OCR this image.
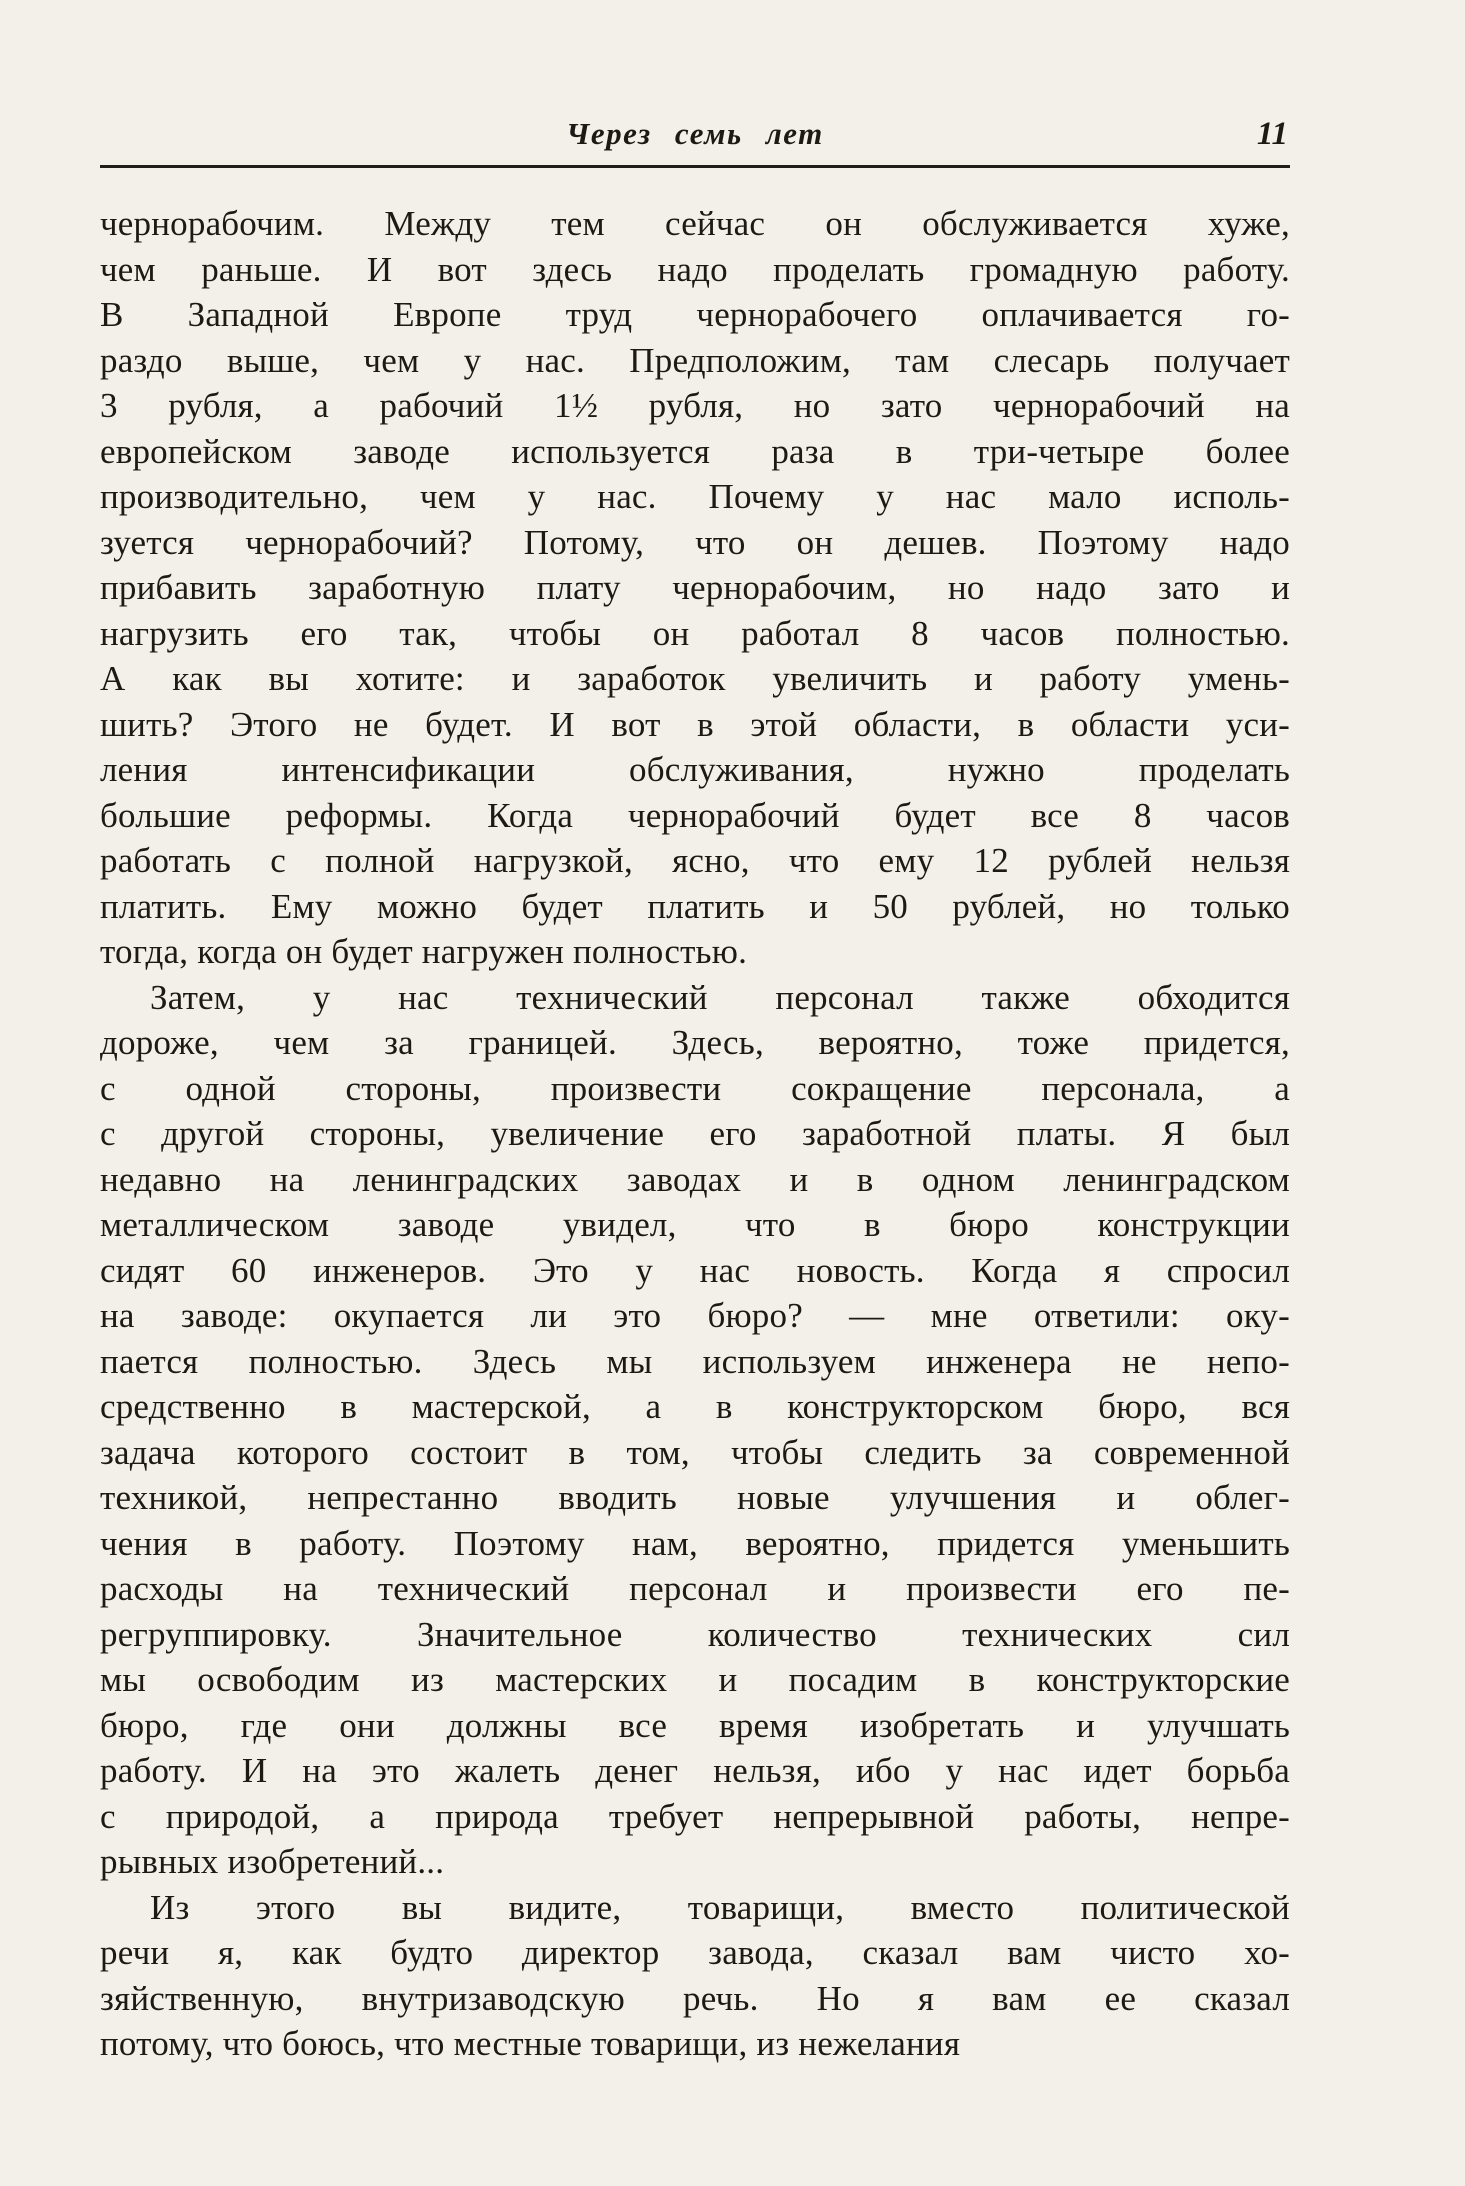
Через семь лет	11
чернорабочим. Между тем сейчас он обслуживается хуже,
чем раньше. И вот здесь надо проделать громадную работу.
В Западной Европе труд чернорабочего оплачивается го-
раздо выше, чем у нас. Предположим, там слесарь получает
3 рубля, а рабочий 1½ рубля, но зато чернорабочий на
европейском заводе используется раза в три-четыре более
производительно, чем у нас. Почему у нас мало исполь-
зуется чернорабочий? Потому, что он дешев. Поэтому надо
прибавить заработную плату чернорабочим, но надо зато и
нагрузить его так, чтобы он работал 8 часов полностью.
А как вы хотите: и заработок увеличить и работу умень-
шить? Этого не будет. И вот в этой области, в области уси-
ления интенсификации обслуживания, нужно проделать
большие реформы. Когда чернорабочий будет все 8 часов
работать с полной нагрузкой, ясно, что ему 12 рублей нельзя
платить. Ему можно будет платить и 50 рублей, но только
тогда, когда он будет нагружен полностью.
Затем, у нас технический персонал также обходится
дороже, чем за границей. Здесь, вероятно, тоже придется,
с одной стороны, произвести сокращение персонала, а
с другой стороны, увеличение его заработной платы. Я был
недавно на ленинградских заводах и в одном ленинградском
металлическом заводе увидел, что в бюро конструкции
сидят 60 инженеров. Это у нас новость. Когда я спросил
на заводе: окупается ли это бюро? — мне ответили: оку-
пается полностью. Здесь мы используем инженера не непо-
средственно в мастерской, а в конструкторском бюро, вся
задача которого состоит в том, чтобы следить за современной
техникой, непрестанно вводить новые улучшения и облег-
чения в работу. Поэтому нам, вероятно, придется уменьшить
расходы на технический персонал и произвести его пе-
регруппировку. Значительное количество технических сил
мы освободим из мастерских и посадим в конструкторские
бюро, где они должны все время изобретать и улучшать
работу. И на это жалеть денег нельзя, ибо у нас идет борьба
с природой, а природа требует непрерывной работы, непре-
рывных изобретений...
Из этого вы видите, товарищи, вместо политической
речи я, как будто директор завода, сказал вам чисто хо-
зяйственную, внутризаводскую речь. Но я вам ее сказал
потому, что боюсь, что местные товарищи, из нежелания
